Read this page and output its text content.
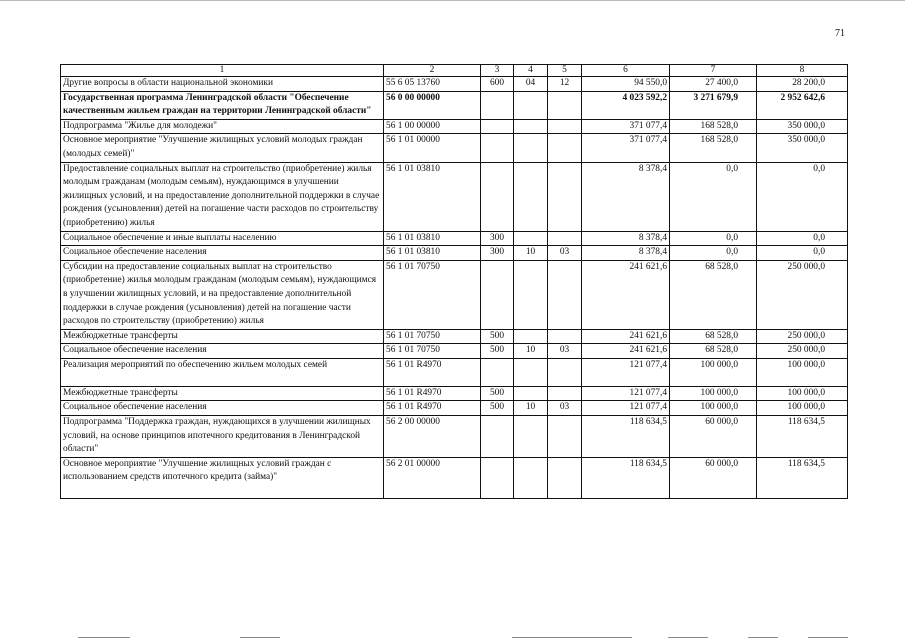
71
1	2	3	4	5	6	7	8
Другие вопросы в области национальной экономики	55 6 05 13760	600	04	12	94 550,0	27 400,0	28 200,0
Государственная программа Ленинградской области "Обеспечение качественным жильем граждан на территории Ленинградской области"	56 0 00 00000				4 023 592,2	3 271 679,9	2 952 642,6
Подпрограмма "Жилье для молодежи"	56 1 00 00000				371 077,4	168 528,0	350 000,0
Основное мероприятие "Улучшение жилищных условий молодых граждан (молодых семей)"	56 1 01 00000				371 077,4	168 528,0	350 000,0
Предоставление социальных выплат на строительство (приобретение) жилья молодым гражданам (молодым семьям), нуждающимся в улучшении жилищных условий, и на предоставление дополнительной поддержки в случае рождения (усыновления) детей на погашение части расходов по строительству (приобретению) жилья	56 1 01 03810				8 378,4	0,0	0,0
Социальное обеспечение и иные выплаты населению	56 1 01 03810	300			8 378,4	0,0	0,0
Социальное обеспечение населения	56 1 01 03810	300	10	03	8 378,4	0,0	0,0
Субсидии на предоставление социальных выплат на строительство (приобретение) жилья молодым гражданам (молодым семьям), нуждающимся в улучшении жилищных условий, и на предоставление дополнительной поддержки в случае рождения (усыновления) детей на погашение части расходов по строительству (приобретению) жилья	56 1 01 70750				241 621,6	68 528,0	250 000,0
Межбюджетные трансферты	56 1 01 70750	500			241 621,6	68 528,0	250 000,0
Социальное обеспечение населения	56 1 01 70750	500	10	03	241 621,6	68 528,0	250 000,0
Реализация мероприятий по обеспечению жильем молодых семей	56 1 01 R4970				121 077,4	100 000,0	100 000,0
Межбюджетные трансферты	56 1 01 R4970	500			121 077,4	100 000,0	100 000,0
Социальное обеспечение населения	56 1 01 R4970	500	10	03	121 077,4	100 000,0	100 000,0
Подпрограмма "Поддержка граждан, нуждающихся в улучшении жилищных условий, на основе принципов ипотечного кредитования в Ленинградской области"	56 2 00 00000				118 634,5	60 000,0	118 634,5
Основное мероприятие "Улучшение жилищных условий граждан с использованием средств ипотечного кредита (займа)"	56 2 01 00000				118 634,5	60 000,0	118 634,5
